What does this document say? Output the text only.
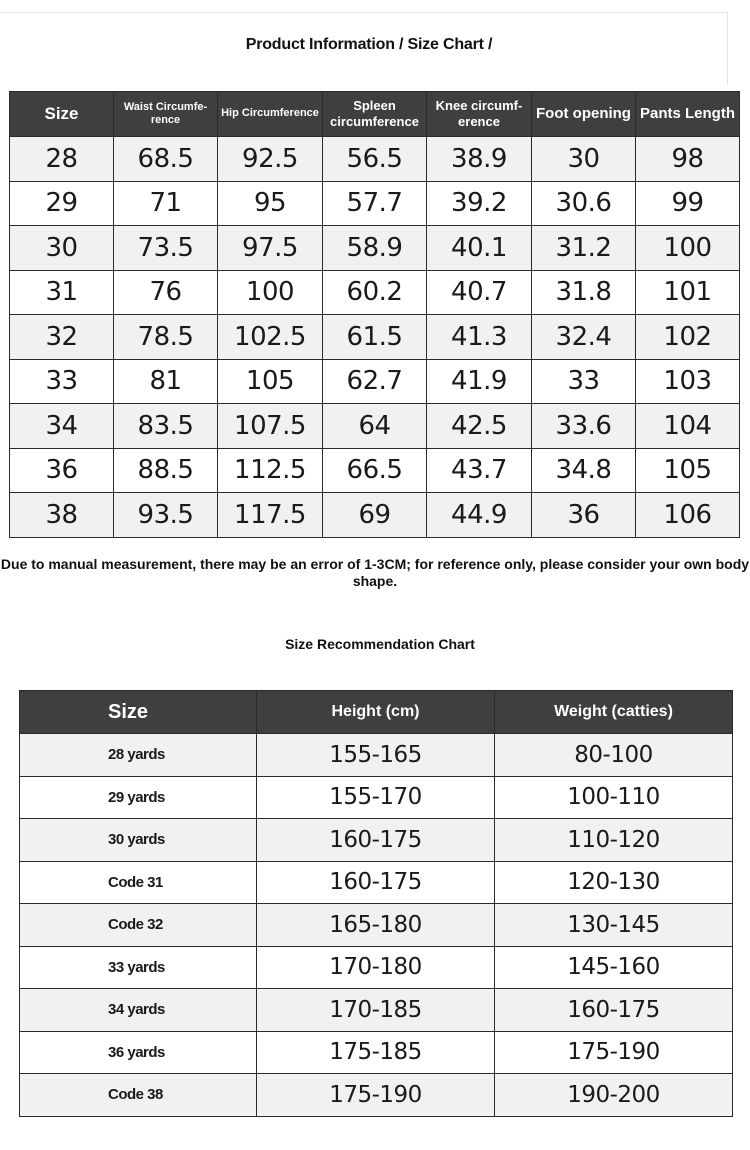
Product Information / Size Chart /
Size	Waist Circumfe-rence	Hip Circumference	Spleen circumference	Knee circumf-erence	Foot opening	Pants Length
28	68.5	92.5	56.5	38.9	30	98
29	71	95	57.7	39.2	30.6	99
30	73.5	97.5	58.9	40.1	31.2	100
31	76	100	60.2	40.7	31.8	101
32	78.5	102.5	61.5	41.3	32.4	102
33	81	105	62.7	41.9	33	103
34	83.5	107.5	64	42.5	33.6	104
36	88.5	112.5	66.5	43.7	34.8	105
38	93.5	117.5	69	44.9	36	106
Due to manual measurement, there may be an error of 1-3CM; for reference only, please consider your own body shape.
Size Recommendation Chart
Size	Height (cm)	Weight (catties)
28 yards	155-165	80-100
29 yards	155-170	100-110
30 yards	160-175	110-120
Code 31	160-175	120-130
Code 32	165-180	130-145
33 yards	170-180	145-160
34 yards	170-185	160-175
36 yards	175-185	175-190
Code 38	175-190	190-200
